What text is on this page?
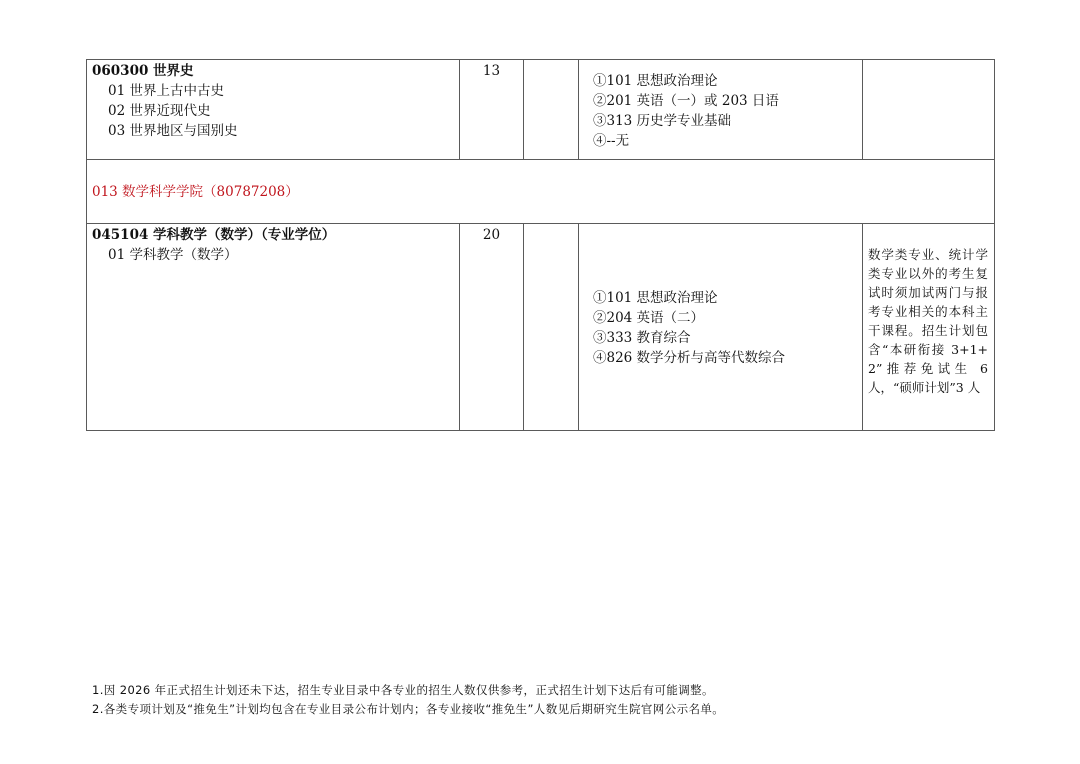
060300 世界史
01 世界上古中古史
02 世界近现代史
03 世界地区与国别史
13
①101 思想政治理论
②201 英语（一）或 203 日语
③313 历史学专业基础
④--无
013 数学科学学院（80787208）
045104 学科教学（数学）（专业学位）
01 学科教学（数学）
20
①101 思想政治理论
②204 英语（二）
③333 教育综合
④826 数学分析与高等代数综合
数学类专业、统计学类专业以外的考生复试时须加试两门与报考专业相关的本科主干课程。招生计划包含“本研衔接 3+1+2”推荐免试生 6 人，“硕师计划”3 人
1.因 2026 年正式招生计划还未下达，招生专业目录中各专业的招生人数仅供参考，正式招生计划下达后有可能调整。
2.各类专项计划及“推免生”计划均包含在专业目录公布计划内；各专业接收“推免生”人数见后期研究生院官网公示名单。
